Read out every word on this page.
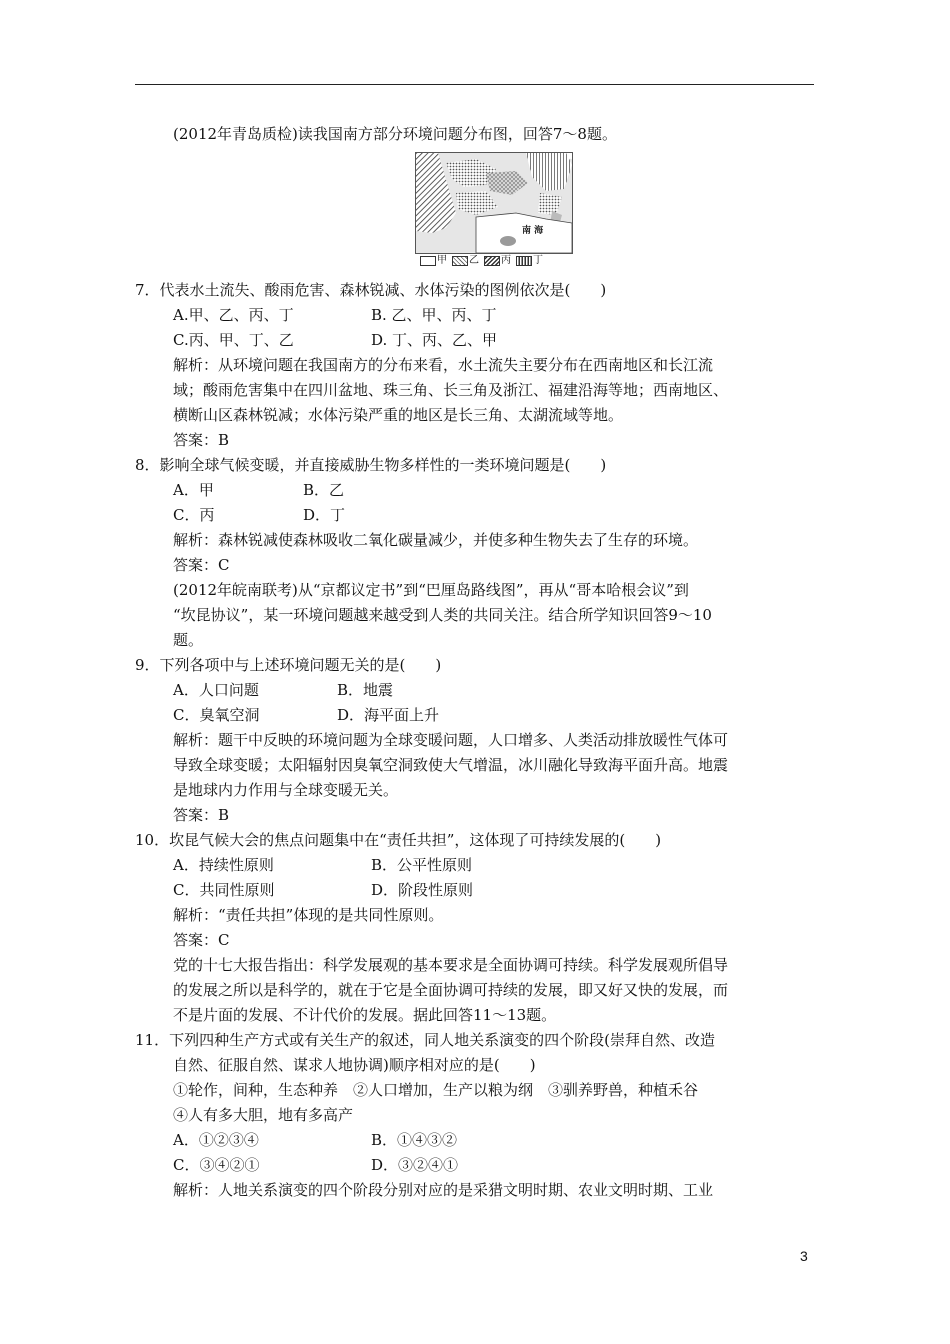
南 海
甲 乙 丙 丁
(2012年青岛质检)读我国南方部分环境问题分布图，回答7～8题。
7．代表水土流失、酸雨危害、森林锐减、水体污染的图例依次是(　　)
A.甲、乙、丙、丁	B. 乙、甲、丙、丁
C.丙、甲、丁、乙	D. 丁、丙、乙、甲
解析：从环境问题在我国南方的分布来看，水土流失主要分布在西南地区和长江流
域；酸雨危害集中在四川盆地、珠三角、长三角及浙江、福建沿海等地；西南地区、
横断山区森林锐减；水体污染严重的地区是长三角、太湖流域等地。
答案：B
8．影响全球气候变暖，并直接威胁生物多样性的一类环境问题是(　　)
A．甲	B．乙
C．丙	D．丁
解析：森林锐减使森林吸收二氧化碳量减少，并使多种生物失去了生存的环境。
答案：C
(2012年皖南联考)从“京都议定书”到“巴厘岛路线图”，再从“哥本哈根会议”到
“坎昆协议”，某一环境问题越来越受到人类的共同关注。结合所学知识回答9～10
题。
9．下列各项中与上述环境问题无关的是(　　)
A．人口问题	B．地震
C．臭氧空洞	D．海平面上升
解析：题干中反映的环境问题为全球变暖问题，人口增多、人类活动排放暖性气体可
导致全球变暖；太阳辐射因臭氧空洞致使大气增温，冰川融化导致海平面升高。地震
是地球内力作用与全球变暖无关。
答案：B
10．坎昆气候大会的焦点问题集中在“责任共担”，这体现了可持续发展的(　　)
A．持续性原则	B．公平性原则
C．共同性原则	D．阶段性原则
解析：“责任共担”体现的是共同性原则。
答案：C
党的十七大报告指出：科学发展观的基本要求是全面协调可持续。科学发展观所倡导
的发展之所以是科学的，就在于它是全面协调可持续的发展，即又好又快的发展，而
不是片面的发展、不计代价的发展。据此回答11～13题。
11．下列四种生产方式或有关生产的叙述，同人地关系演变的四个阶段(崇拜自然、改造
自然、征服自然、谋求人地协调)顺序相对应的是(　　)
①轮作，间种，生态种养　②人口增加，生产以粮为纲　③驯养野兽，种植禾谷
④人有多大胆，地有多高产
A．①②③④	B．①④③②
C．③④②①	D．③②④①
解析：人地关系演变的四个阶段分别对应的是采猎文明时期、农业文明时期、工业
3
